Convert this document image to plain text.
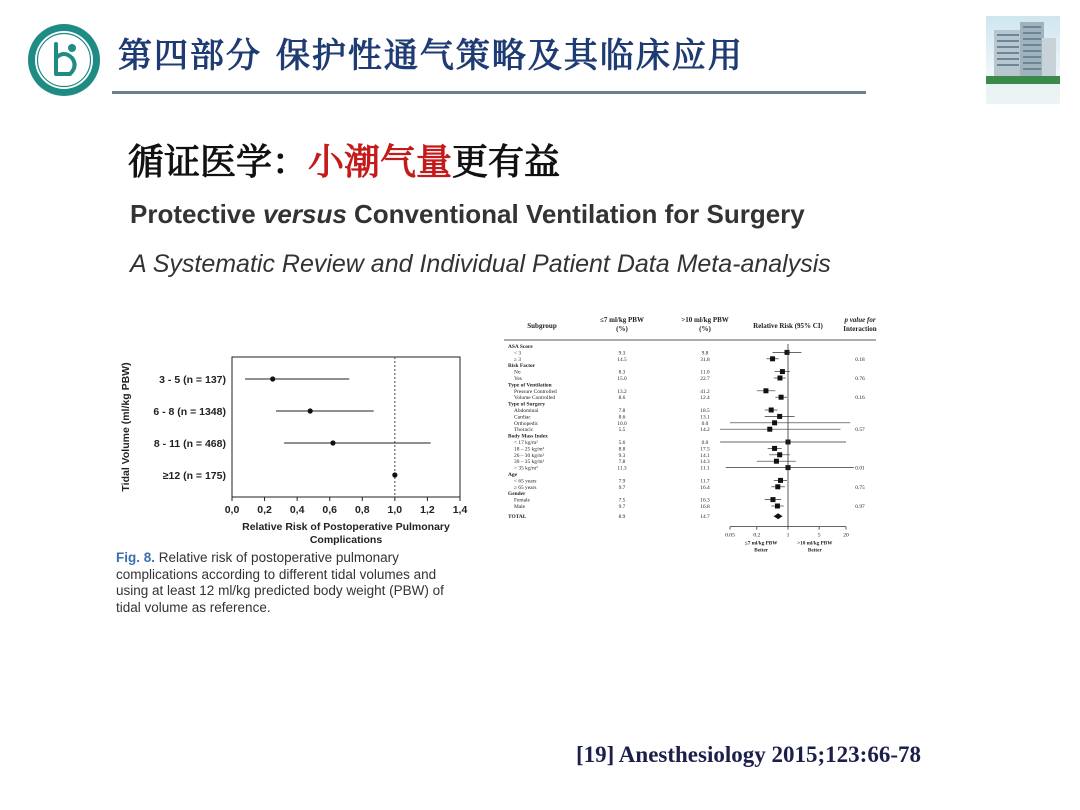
第四部分 保护性通气策略及其临床应用
循证医学：小潮气量更有益
Protective versus Conventional Ventilation for Surgery
A Systematic Review and Individual Patient Data Meta-analysis
0,0 0,2 0,4 0,6 0,8 1,0 1,2 1,4
3 - 5 (n = 137)
6 - 8 (n = 1348)
8 - 11 (n = 468)
≥12 (n = 175)
Tidal Volume (ml/kg PBW)
Relative Risk of Postoperative Pulmonary
Complications
Fig. 8. Relative risk of postoperative pulmonary complications according to different tidal volumes and using at least 12 ml/kg predicted body weight (PBW) of tidal volume as reference.
Subgroup
≤7 ml/kg PBW
(%)
>10 ml/kg PBW
(%)	Relative Risk (95% CI)
p value for
Interaction
ASA Score
< 3	9.3	9.8
≥ 3	14.5	31.8	0.18
Risk Factor
No	8.3	11.0
Yes	15.0	22.7	0.76
Type of Ventilation
Pressure Controlled	13.2	41.2
Volume Controlled	8.6	12.4	0.16
Type of Surgery
Abdominal	7.8	18.5
Cardiac	8.6	13.1
Orthopedic	10.0	0.0
Thoracic	5.5	14.2	0.57
Body Mass Index
< 17 kg/m²	5.6	0.0
18 – 25 kg/m²	8.8	17.5
26 – 30 kg/m²	9.3	14.1
30 – 35 kg/m²	7.8	14.3
> 35 kg/m²	11.3	11.1	0.01
Age
< 65 years	7.9	11.7
≥ 65 years	9.7	16.4	0.75
Gender
Female	7.5	16.3
Male	9.7	16.8	0.97
TOTAL	8.9	14.7
0.05	0.2	1	5	20
≤7 ml/kg PBW
Better
>10 ml/kg PBW
Better
[19] Anesthesiology 2015;123:66-78
